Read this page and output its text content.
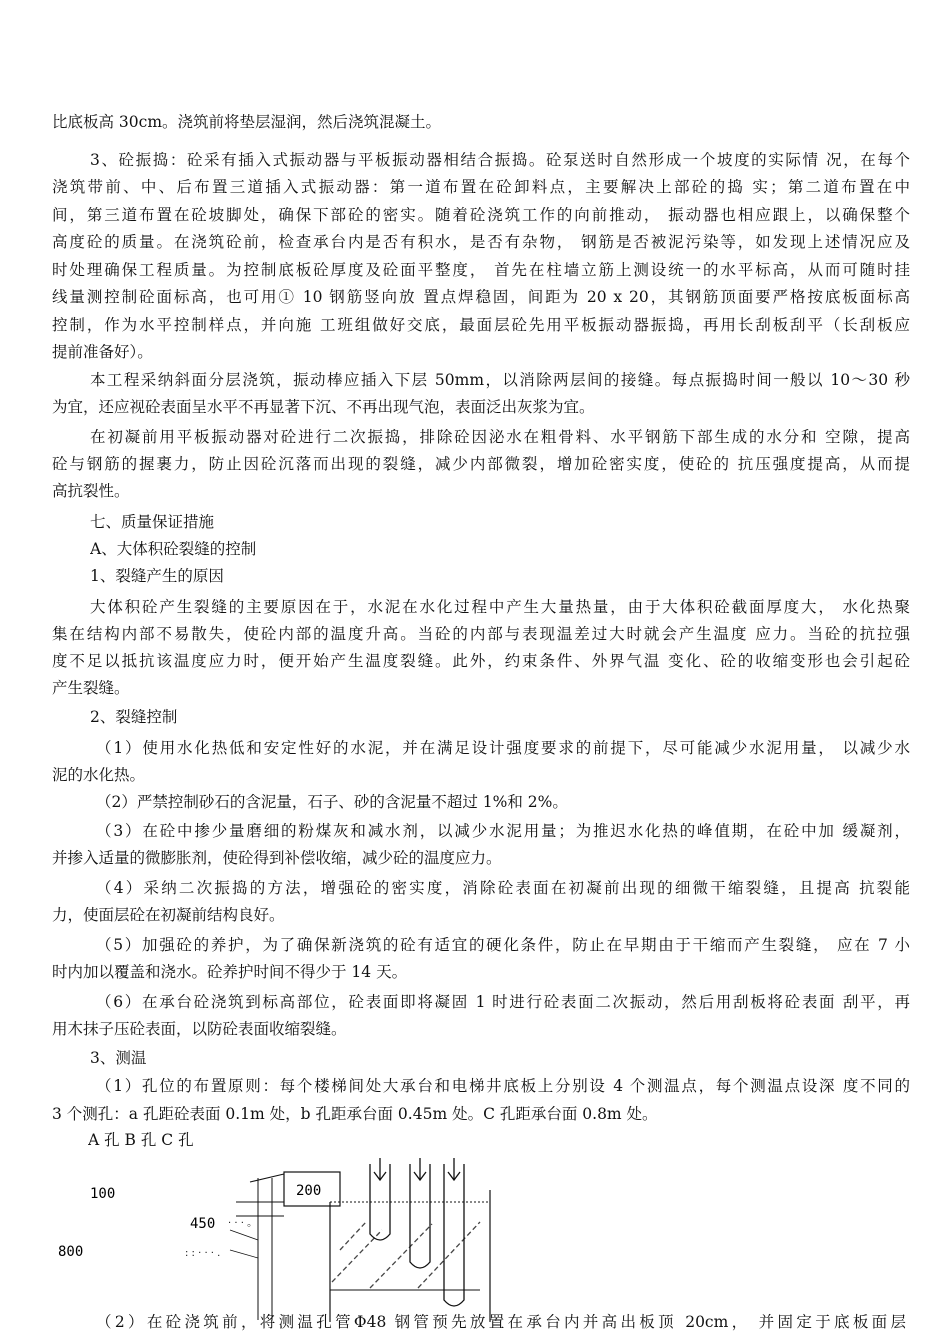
比底板高 30cm。浇筑前将垫层湿润，然后浇筑混凝土。
3、砼振捣：砼采有插入式振动器与平板振动器相结合振捣。砼泵送时自然形成一个坡度的实际情 况，在每个
浇筑带前、中、后布置三道插入式振动器：第一道布置在砼卸料点，主要解决上部砼的捣 实；第二道布置在中
间，第三道布置在砼坡脚处，确保下部砼的密实。随着砼浇筑工作的向前推动， 振动器也相应跟上，以确保整个
高度砼的质量。在浇筑砼前，检查承台内是否有积水，是否有杂物， 钢筋是否被泥污染等，如发现上述情况应及
时处理确保工程质量。为控制底板砼厚度及砼面平整度， 首先在柱墙立筋上测设统一的水平标高，从而可随时挂
线量测控制砼面标高，也可用① 10 钢筋竖向放 置点焊稳固，间距为 20 x 20，其钢筋顶面要严格按底板面标高
控制，作为水平控制样点，并向施 工班组做好交底，最面层砼先用平板振动器振捣，再用长刮板刮平（长刮板应
提前准备好）。
本工程采纳斜面分层浇筑，振动棒应插入下层 50mm，以消除两层间的接缝。每点振捣时间一般以 10〜30 秒
为宜，还应视砼表面呈水平不再显著下沉、不再出现气泡，表面泛出灰浆为宜。
在初凝前用平板振动器对砼进行二次振捣，排除砼因泌水在粗骨料、水平钢筋下部生成的水分和 空隙，提高
砼与钢筋的握裹力，防止因砼沉落而出现的裂缝，减少内部微裂，增加砼密实度，使砼的 抗压强度提高，从而提
高抗裂性。
七、质量保证措施
A、大体积砼裂缝的控制
1、裂缝产生的原因
大体积砼产生裂缝的主要原因在于，水泥在水化过程中产生大量热量，由于大体积砼截面厚度大， 水化热聚
集在结构内部不易散失，使砼内部的温度升高。当砼的内部与表现温差过大时就会产生温度 应力。当砼的抗拉强
度不足以抵抗该温度应力时，便开始产生温度裂缝。此外，约束条件、外界气温 变化、砼的收缩变形也会引起砼
产生裂缝。
2、裂缝控制
（1）使用水化热低和安定性好的水泥，并在满足设计强度要求的前提下，尽可能减少水泥用量， 以减少水
泥的水化热。
（2）严禁控制砂石的含泥量，石子、砂的含泥量不超过 1%和 2%。
（3）在砼中掺少量磨细的粉煤灰和减水剂，以减少水泥用量；为推迟水化热的峰值期，在砼中加 缓凝剂，
并掺入适量的微膨胀剂，使砼得到补偿收缩，减少砼的温度应力。
（4）采纳二次振捣的方法，增强砼的密实度，消除砼表面在初凝前出现的细微干缩裂缝，且提高 抗裂能
力，使面层砼在初凝前结构良好。
（5）加强砼的养护，为了确保新浇筑的砼有适宜的硬化条件，防止在早期由于干缩而产生裂缝， 应在 7 小
时内加以覆盖和浇水。砼养护时间不得少于 14 天。
（6）在承台砼浇筑到标高部位，砼表面即将凝固 1 时进行砼表面二次振动，然后用刮板将砼表面 刮平，再
用木抹子压砼表面，以防砼表面收缩裂缝。
3、测温
（1）孔位的布置原则：每个楼梯间处大承台和电梯井底板上分别设 4 个测温点，每个测温点设深 度不同的
3 个测孔：a 孔距砼表面 0.1m 处，b 孔距承台面 0.45m 处。C 孔距承台面 0.8m 处。
A 孔 B 孔 C 孔
100
800
450
200
· · · 。
: : · · · .
（2）在砼浇筑前，将测温孔管Φ48 钢管预先放置在承台内并高出板顶 20cm， 并固定于底板面层
